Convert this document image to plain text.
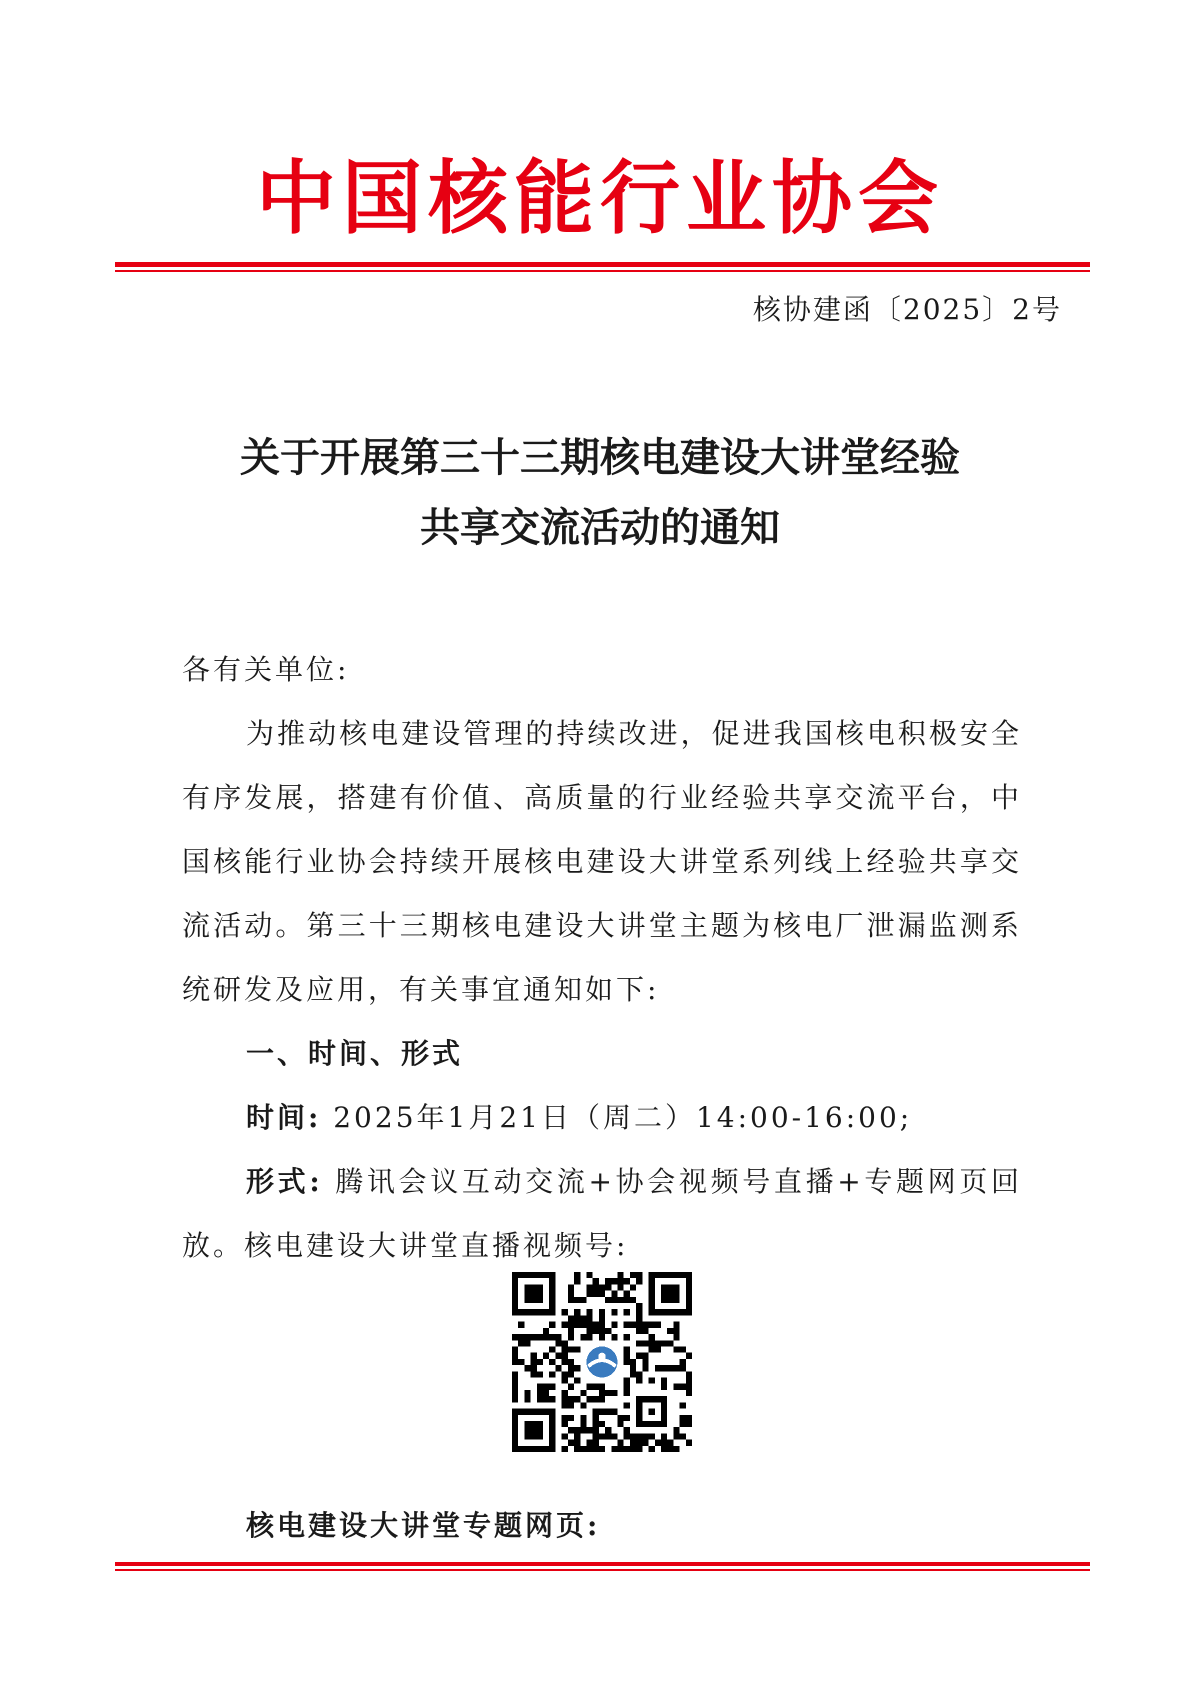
中国核能行业协会
核协建函〔2025〕2号
关于开展第三十三期核电建设大讲堂经验
共享交流活动的通知
各有关单位:
为推动核电建设管理的持续改进，促进我国核电积极安全有序发展，搭建有价值、高质量的行业经验共享交流平台，中国核能行业协会持续开展核电建设大讲堂系列线上经验共享交流活动。第三十三期核电建设大讲堂主题为核电厂泄漏监测系统研发及应用，有关事宜通知如下:
一、时间、形式
时间: 2025年1月21日（周二）14:00-16:00;
形式: 腾讯会议互动交流+协会视频号直播+专题网页回放。核电建设大讲堂直播视频号:
核电建设大讲堂专题网页:
